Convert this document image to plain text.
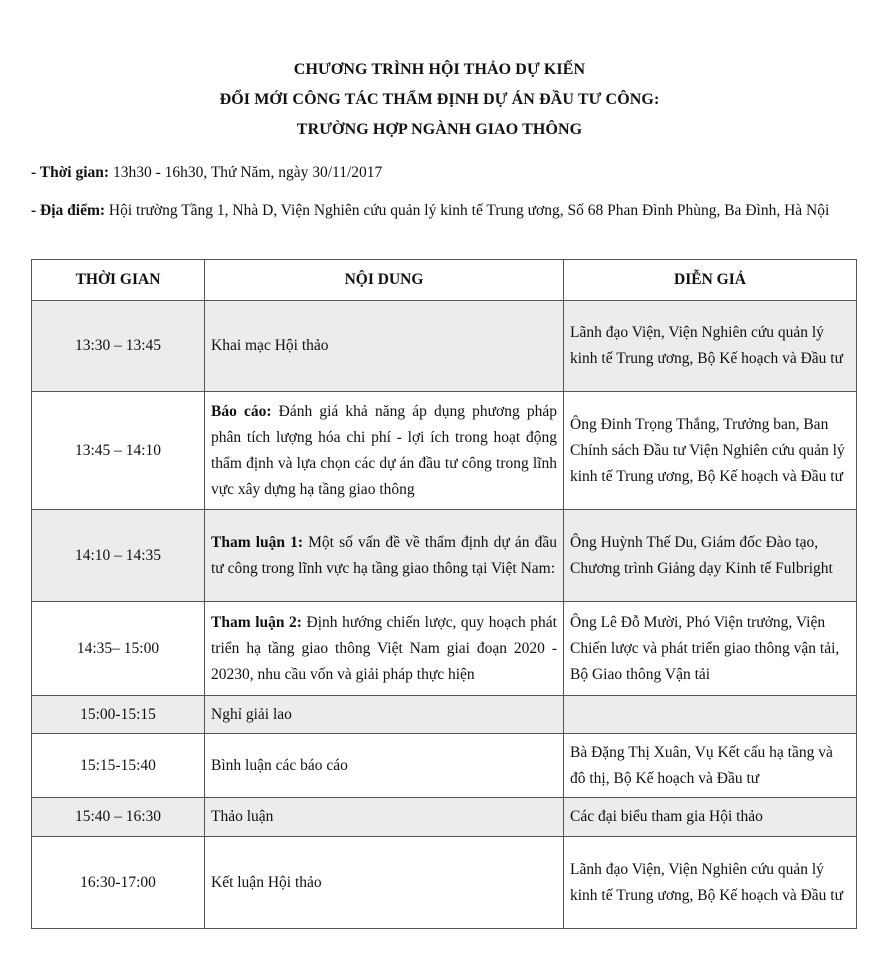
CHƯƠNG TRÌNH HỘI THẢO DỰ KIẾN
ĐỔI MỚI CÔNG TÁC THẨM ĐỊNH DỰ ÁN ĐẦU TƯ CÔNG:
TRƯỜNG HỢP NGÀNH GIAO THÔNG
- Thời gian: 13h30 - 16h30, Thứ Năm, ngày 30/11/2017
- Địa điểm: Hội trường Tầng 1, Nhà D, Viện Nghiên cứu quản lý kinh tế Trung ương, Số 68 Phan Đình Phùng, Ba Đình, Hà Nội
THỜI GIAN	NỘI DUNG	DIỄN GIẢ
13:30 – 13:45	Khai mạc Hội thảo	Lãnh đạo Viện, Viện Nghiên cứu quản lý kinh tế Trung ương, Bộ Kế hoạch và Đầu tư
13:45 – 14:10	Báo cáo: Đánh giá khả năng áp dụng phương pháp phân tích lượng hóa chi phí - lợi ích trong hoạt động thẩm định và lựa chọn các dự án đầu tư công trong lĩnh vực xây dựng hạ tầng giao thông	Ông Đinh Trọng Thắng, Trưởng ban, Ban Chính sách Đầu tư Viện Nghiên cứu quản lý kinh tế Trung ương, Bộ Kế hoạch và Đầu tư
14:10 – 14:35	Tham luận 1: Một số vấn đề về thẩm định dự án đầu tư công trong lĩnh vực hạ tầng giao thông tại Việt Nam:	Ông Huỳnh Thế Du, Giám đốc Đào tạo, Chương trình Giảng dạy Kinh tế Fulbright
14:35– 15:00	Tham luận 2: Định hướng chiến lược, quy hoạch phát triển hạ tầng giao thông Việt Nam giai đoạn 2020 - 20230, nhu cầu vốn và giải pháp thực hiện	Ông Lê Đỗ Mười, Phó Viện trưởng, Viện Chiến lược và phát triển giao thông vận tải, Bộ Giao thông Vận tải
15:00-15:15	Nghỉ giải lao	
15:15-15:40	Bình luận các báo cáo	Bà Đặng Thị Xuân, Vụ Kết cấu hạ tầng và đô thị, Bộ Kế hoạch và Đầu tư
15:40 – 16:30	Thảo luận	Các đại biểu tham gia Hội thảo
16:30-17:00	Kết luận Hội thảo	Lãnh đạo Viện, Viện Nghiên cứu quản lý kinh tế Trung ương, Bộ Kế hoạch và Đầu tư
